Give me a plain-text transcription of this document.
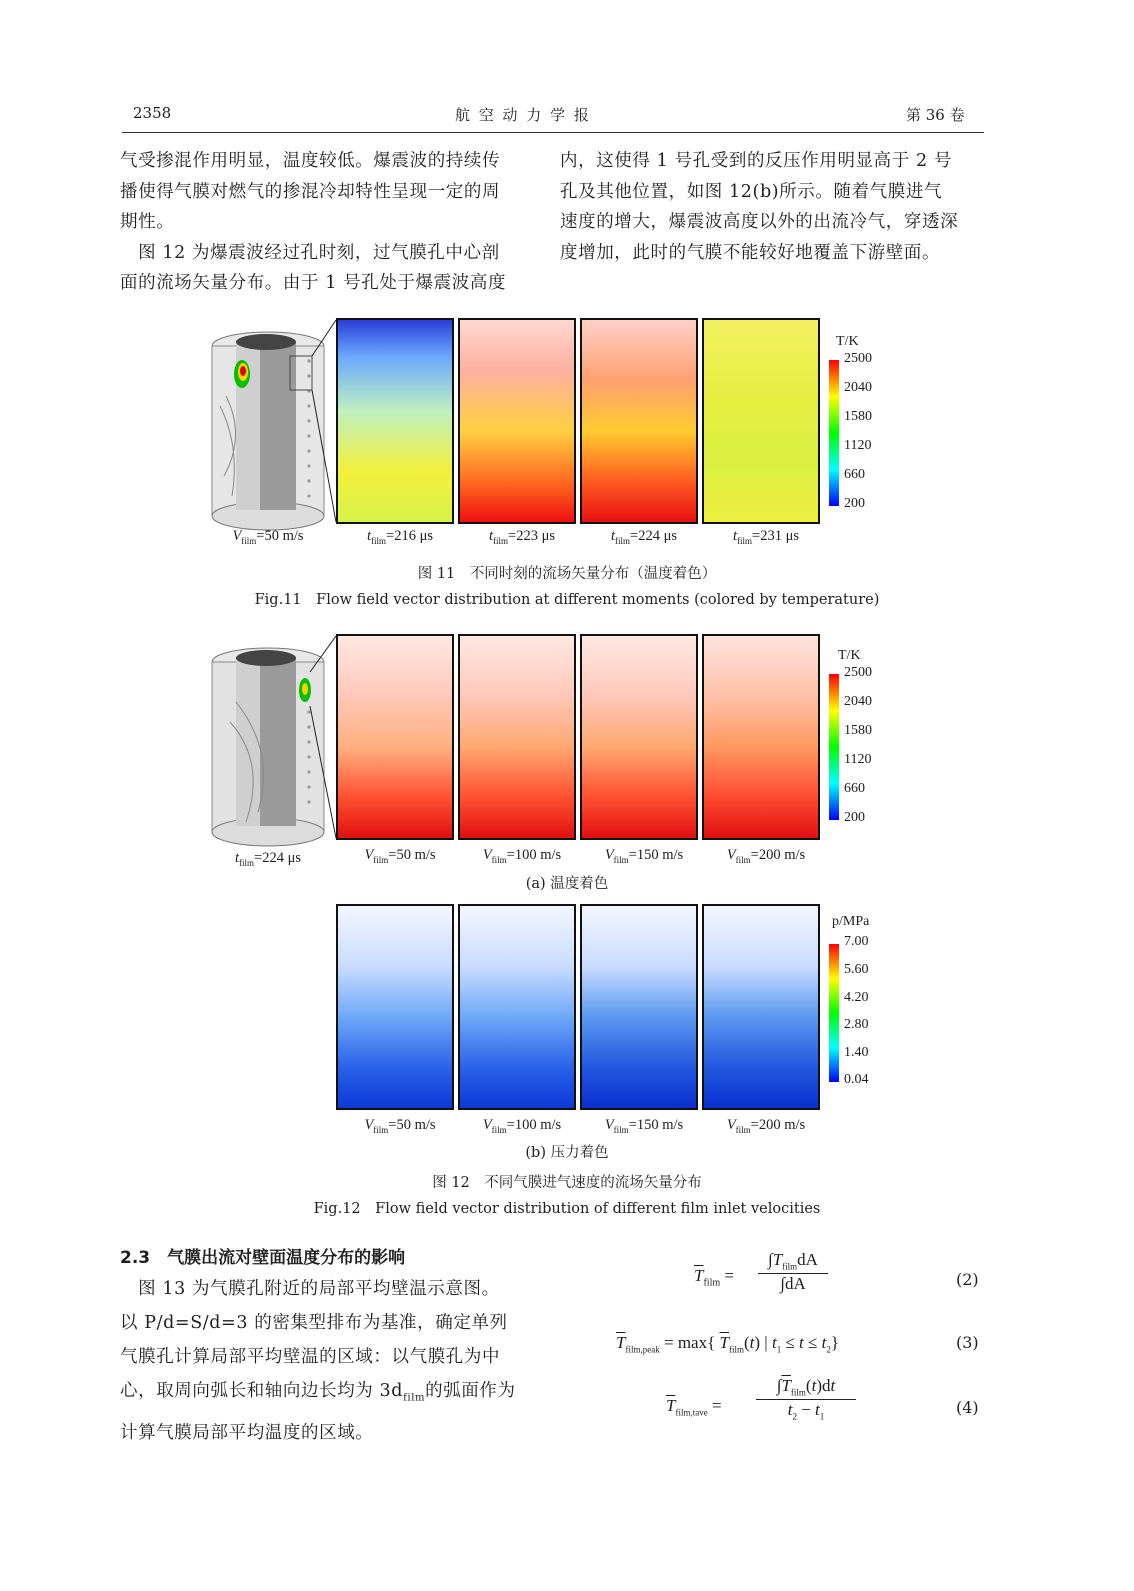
2358	航 空 动 力 学 报	第 36 卷
气受掺混作用明显，温度较低。爆震波的持续传
播使得气膜对燃气的掺混冷却特性呈现一定的周
期性。
　图 12 为爆震波经过孔时刻，过气膜孔中心剖
面的流场矢量分布。由于 1 号孔处于爆震波高度
内，这使得 1 号孔受到的反压作用明显高于 2 号
孔及其他位置，如图 12(b)所示。随着气膜进气
速度的增大，爆震波高度以外的出流冷气，穿透深
度增加，此时的气膜不能较好地覆盖下游壁面。
T/K
2500
2040
1580
1120
660
200
$V_{film}=50$ m/s	$t_{film}=216$ μs	$t_{film}=223$ μs	$t_{film}=224$ μs	$t_{film}=231$ μs
图 11　不同时刻的流场矢量分布（温度着色）
Fig.11　Flow field vector distribution at different moments (colored by temperature)
T/K
2500
2040
1580
1120
660
200
$t_{film}=224$ μs	$V_{film}=50$ m/s	$V_{film}=100$ m/s	$V_{film}=150$ m/s	$V_{film}=200$ m/s
(a) 温度着色
p/MPa
7.00
5.60
4.20
2.80
1.40
0.04
$V_{film}=50$ m/s	$V_{film}=100$ m/s	$V_{film}=150$ m/s	$V_{film}=200$ m/s
(b) 压力着色
图 12　不同气膜进气速度的流场矢量分布
Fig.12　Flow field vector distribution of different film inlet velocities
2.3　气膜出流对壁面温度分布的影响
　图 13 为气膜孔附近的局部平均壁温示意图。
以 P/d=S/d=3 的密集型排布为基准，确定单列
气膜孔计算局部平均壁温的区域：以气膜孔为中
心，取周向弧长和轴向边长均为 $3d_{film}$的弧面作为
计算气膜局部平均温度的区域。
$\overline{T}_{film}$ =
$\int T_{film}dA$
∫dA	(2)
$\overline{T}_{film,peak} = \max${ $\overline{T}_{film}(t)$ | $t_1 \le t \le t_2$}	(3)
$\overline{T}_{film,tave}$ =
$\int\overline{T}_{film}(t)dt$
$t_2 - t_1$	(4)
